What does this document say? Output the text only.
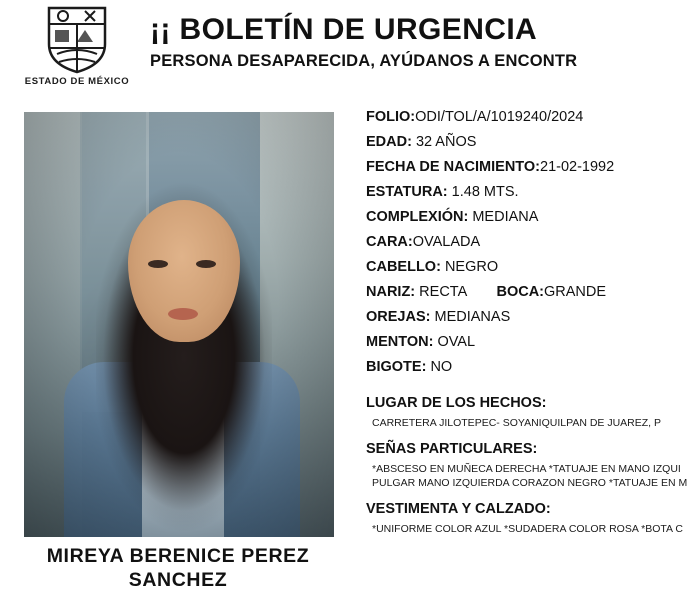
ESTADO DE MÉXICO
¡¡ BOLETÍN DE URGENCIA
PERSONA DESAPARECIDA, AYÚDANOS A ENCONTR
MIREYA BERENICE PEREZ SANCHEZ
FOLIO:ODI/TOL/A/1019240/2024
EDAD: 32 AÑOS
FECHA DE NACIMIENTO:21-02-1992
ESTATURA: 1.48 MTS.
COMPLEXIÓN: MEDIANA
CARA:OVALADA
CABELLO: NEGRO
NARIZ: RECTA BOCA:GRANDE
OREJAS: MEDIANAS
MENTON: OVAL
BIGOTE: NO
LUGAR DE LOS HECHOS:
CARRETERA JILOTEPEC- SOYANIQUILPAN DE JUAREZ, P
SEÑAS PARTICULARES:
*ABSCESO EN MUÑECA DERECHA *TATUAJE EN MANO IZQUI
PULGAR MANO IZQUIERDA CORAZON NEGRO *TATUAJE EN M
VESTIMENTA Y CALZADO:
*UNIFORME COLOR AZUL *SUDADERA COLOR ROSA *BOTA C
